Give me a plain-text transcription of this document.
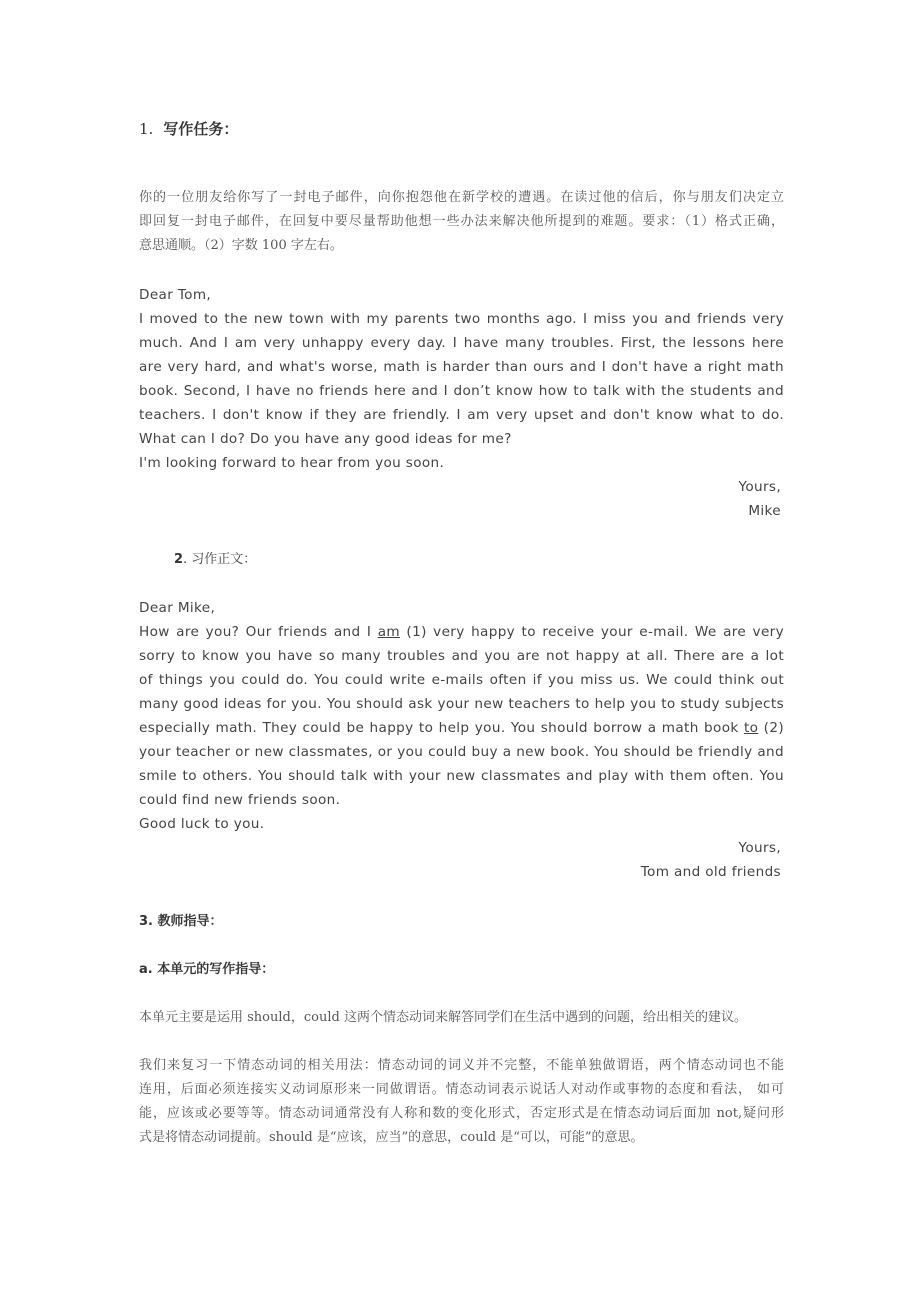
1. 写作任务：
你的一位朋友给你写了一封电子邮件，向你抱怨他在新学校的遭遇。在读过他的信后，你与朋友们决定立
即回复一封电子邮件，在回复中要尽量帮助他想一些办法来解决他所提到的难题。要求：（1）格式正确，
意思通顺。（2）字数 100 字左右。
Dear Tom,
I moved to the new town with my parents two months ago. I miss you and friends very
much. And I am very unhappy every day. I have many troubles. First, the lessons here
are very hard, and what's worse, math is harder than ours and I don't have a right math
book. Second, I have no friends here and I don’t know how to talk with the students and
teachers. I don't know if they are friendly. I am very upset and don't know what to do.
What can I do? Do you have any good ideas for me?
I'm looking forward to hear from you soon.
Yours,
Mike
2. 习作正文：
Dear Mike,
How are you? Our friends and I am (1) very happy to receive your e-mail. We are very
sorry to know you have so many troubles and you are not happy at all. There are a lot
of things you could do. You could write e-mails often if you miss us. We could think out
many good ideas for you. You should ask your new teachers to help you to study subjects
especially math. They could be happy to help you. You should borrow a math book to (2)
your teacher or new classmates, or you could buy a new book. You should be friendly and
smile to others. You should talk with your new classmates and play with them often. You
could find new friends soon.
Good luck to you.
Yours,
Tom and old friends
3. 教师指导：
a. 本单元的写作指导：
本单元主要是运用 should，could 这两个情态动词来解答同学们在生活中遇到的问题，给出相关的建议。
我们来复习一下情态动词的相关用法：情态动词的词义并不完整，不能单独做谓语，两个情态动词也不能
连用，后面必须连接实义动词原形来一同做谓语。情态动词表示说话人对动作或事物的态度和看法， 如可
能，应该或必要等等。情态动词通常没有人称和数的变化形式，否定形式是在情态动词后面加 not,疑问形
式是将情态动词提前。should 是“应该，应当”的意思，could 是“可以，可能”的意思。
